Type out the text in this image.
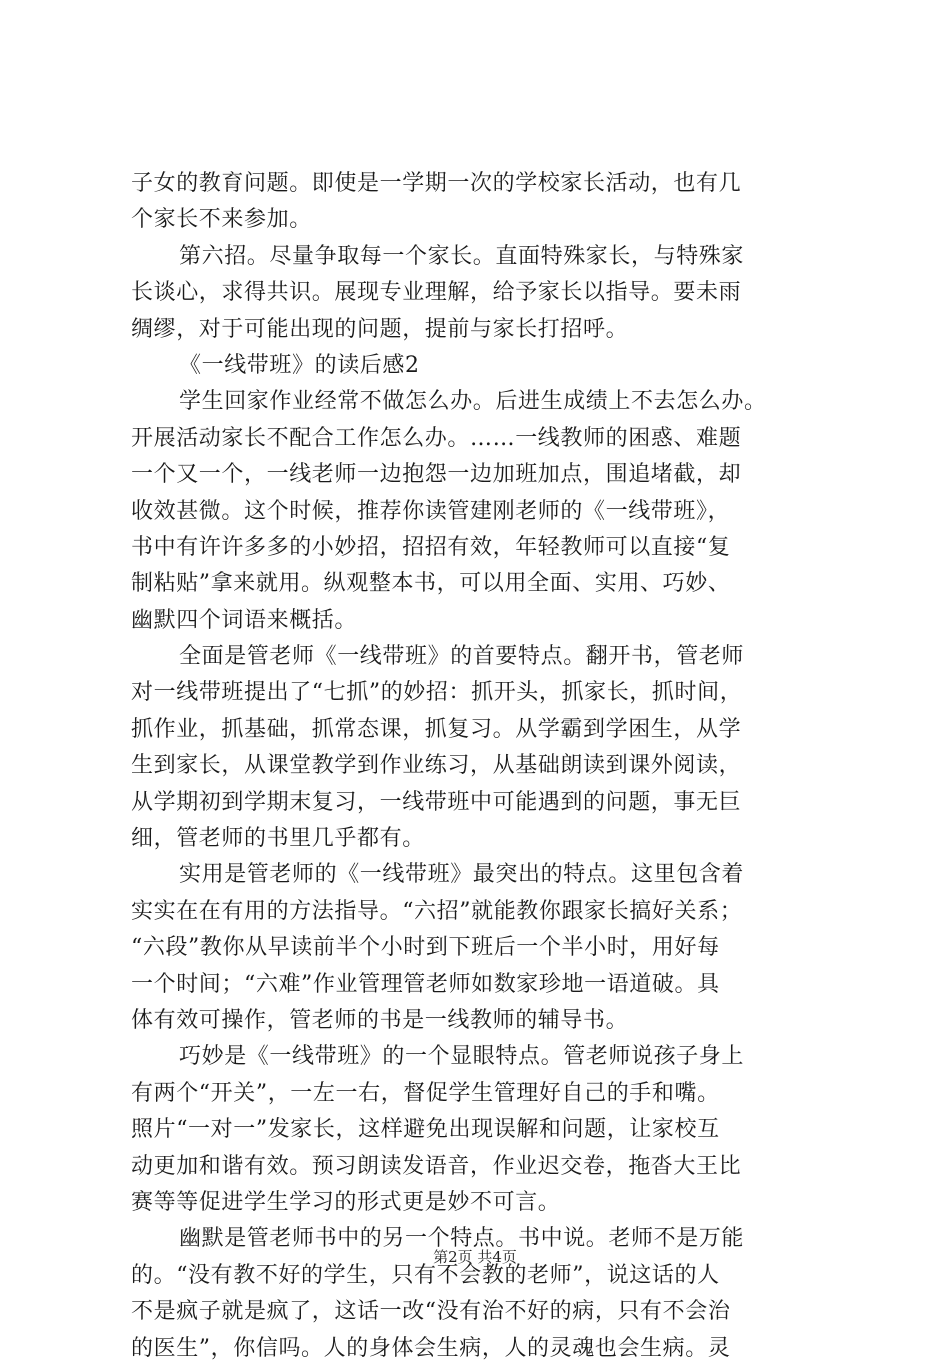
子女的教育问题。即使是一学期一次的学校家长活动，也有几
个家长不来参加。
第六招。尽量争取每一个家长。直面特殊家长，与特殊家
长谈心，求得共识。展现专业理解，给予家长以指导。要未雨
绸缪，对于可能出现的问题，提前与家长打招呼。
《一线带班》的读后感2
学生回家作业经常不做怎么办。后进生成绩上不去怎么办。
开展活动家长不配合工作怎么办。……一线教师的困惑、难题
一个又一个，一线老师一边抱怨一边加班加点，围追堵截，却
收效甚微。这个时候，推荐你读管建刚老师的《一线带班》，
书中有许许多多的小妙招，招招有效，年轻教师可以直接“复
制粘贴”拿来就用。纵观整本书，可以用全面、实用、巧妙、
幽默四个词语来概括。
全面是管老师《一线带班》的首要特点。翻开书，管老师
对一线带班提出了“七抓”的妙招：抓开头，抓家长，抓时间，
抓作业，抓基础，抓常态课，抓复习。从学霸到学困生，从学
生到家长，从课堂教学到作业练习，从基础朗读到课外阅读，
从学期初到学期末复习，一线带班中可能遇到的问题，事无巨
细，管老师的书里几乎都有。
实用是管老师的《一线带班》最突出的特点。这里包含着
实实在在有用的方法指导。“六招”就能教你跟家长搞好关系；
“六段”教你从早读前半个小时到下班后一个半小时，用好每
一个时间；“六难”作业管理管老师如数家珍地一语道破。具
体有效可操作，管老师的书是一线教师的辅导书。
巧妙是《一线带班》的一个显眼特点。管老师说孩子身上
有两个“开关”，一左一右，督促学生管理好自己的手和嘴。
照片“一对一”发家长，这样避免出现误解和问题，让家校互
动更加和谐有效。预习朗读发语音，作业迟交卷，拖沓大王比
赛等等促进学生学习的形式更是妙不可言。
幽默是管老师书中的另一个特点。书中说。老师不是万能
的。“没有教不好的学生，只有不会教的老师”，说这话的人
不是疯子就是疯了，这话一改“没有治不好的病，只有不会治
的医生”，你信吗。人的身体会生病，人的灵魂也会生病。灵
第2页 共4页
